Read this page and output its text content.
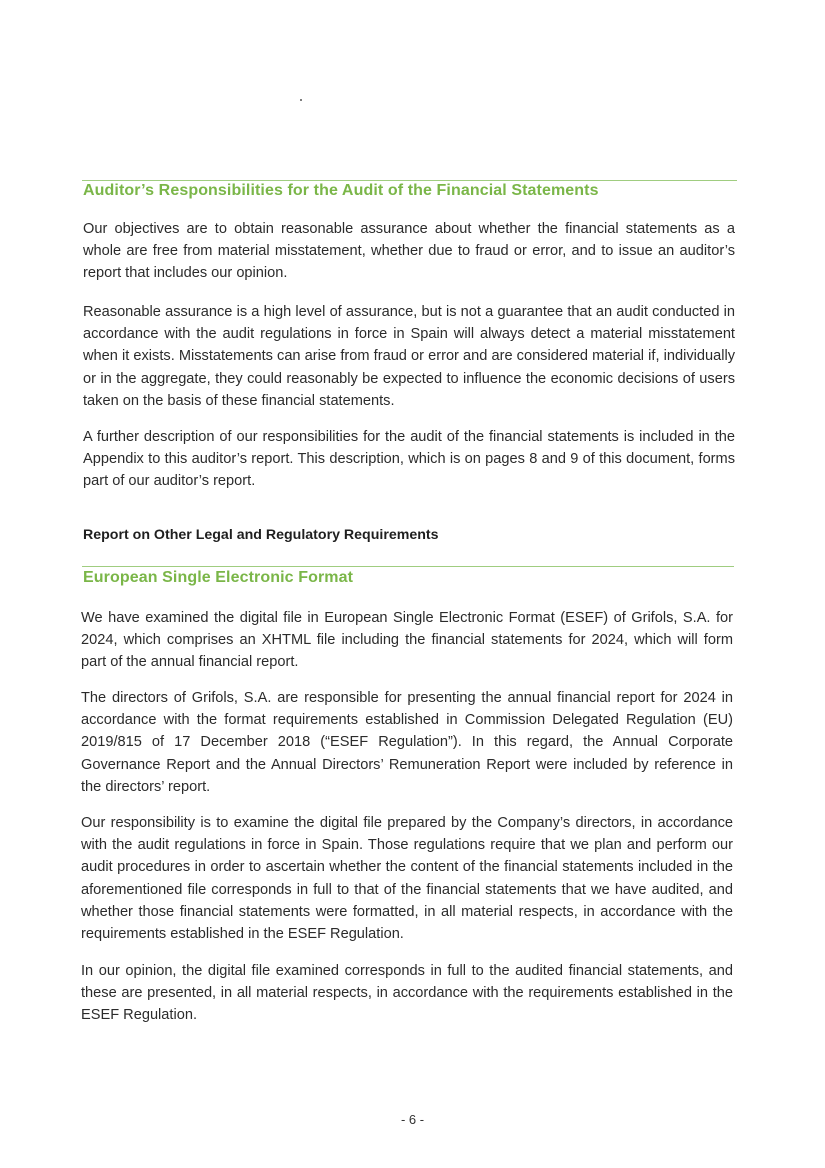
Auditor’s Responsibilities for the Audit of the Financial Statements

Our objectives are to obtain reasonable assurance about whether the financial statements as a whole are free from material misstatement, whether due to fraud or error, and to issue an auditor’s report that includes our opinion.

Reasonable assurance is a high level of assurance, but is not a guarantee that an audit conducted in accordance with the audit regulations in force in Spain will always detect a material misstatement when it exists. Misstatements can arise from fraud or error and are considered material if, individually or in the aggregate, they could reasonably be expected to influence the economic decisions of users taken on the basis of these financial statements.

A further description of our responsibilities for the audit of the financial statements is included in the Appendix to this auditor’s report. This description, which is on pages 8 and 9 of this document, forms part of our auditor’s report.

Report on Other Legal and Regulatory Requirements
European Single Electronic Format

We have examined the digital file in European Single Electronic Format (ESEF) of Grifols, S.A. for 2024, which comprises an XHTML file including the financial statements for 2024, which will form part of the annual financial report.

The directors of Grifols, S.A. are responsible for presenting the annual financial report for 2024 in accordance with the format requirements established in Commission Delegated Regulation (EU) 2019/815 of 17 December 2018 (“ESEF Regulation”). In this regard, the Annual Corporate Governance Report and the Annual Directors’ Remuneration Report were included by reference in the directors’ report.

Our responsibility is to examine the digital file prepared by the Company’s directors, in accordance with the audit regulations in force in Spain. Those regulations require that we plan and perform our audit procedures in order to ascertain whether the content of the financial statements included in the aforementioned file corresponds in full to that of the financial statements that we have audited, and whether those financial statements were formatted, in all material respects, in accordance with the requirements established in the ESEF Regulation.

In our opinion, the digital file examined corresponds in full to the audited financial statements, and these are presented, in all material respects, in accordance with the requirements established in the ESEF Regulation.

- 6 -
